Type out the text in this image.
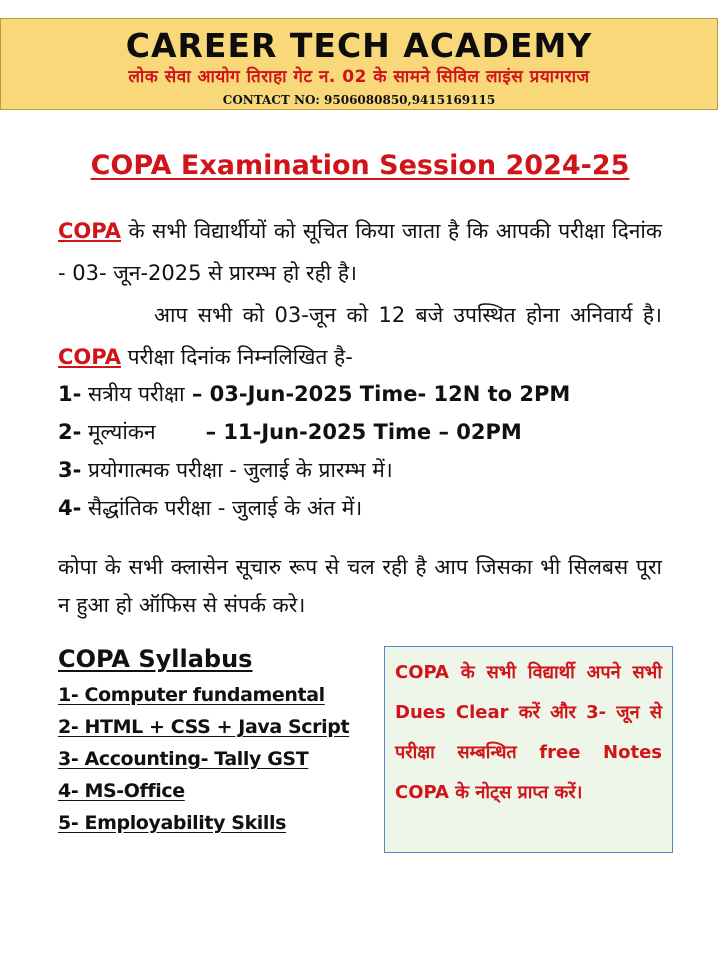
CAREER TECH ACADEMY
लोक सेवा आयोग तिराहा गेट न. 02 के सामने सिविल लाइंस प्रयागराज
CONTACT NO: 9506080850,9415169115
COPA Examination Session 2024-25
COPA के सभी विद्यार्थीयों को सूचित किया जाता है कि आपकी परीक्षा दिनांक - 03- जून-2025 से प्रारम्भ हो रही है।
आप सभी को 03-जून को 12 बजे उपस्थित होना अनिवार्य है। COPA परीक्षा दिनांक निम्नलिखित है-
1- सत्रीय परीक्षा – 03-Jun-2025 Time- 12N to 2PM
2- मूल्यांकन – 11-Jun-2025 Time – 02PM
3- प्रयोगात्मक परीक्षा - जुलाई के प्रारम्भ में।
4- सैद्धांतिक परीक्षा - जुलाई के अंत में।
कोपा के सभी क्लासेन सूचारु रूप से चल रही है आप जिसका भी सिलबस पूरा न हुआ हो ऑफिस से संपर्क करे।
COPA Syllabus
1- Computer fundamental
2- HTML + CSS + Java Script
3- Accounting- Tally GST
4- MS-Office
5- Employability Skills
COPA के सभी विद्यार्थी अपने सभी Dues Clear करें और 3- जून से परीक्षा सम्बन्धित free Notes COPA के नोट्स प्राप्त करें।
